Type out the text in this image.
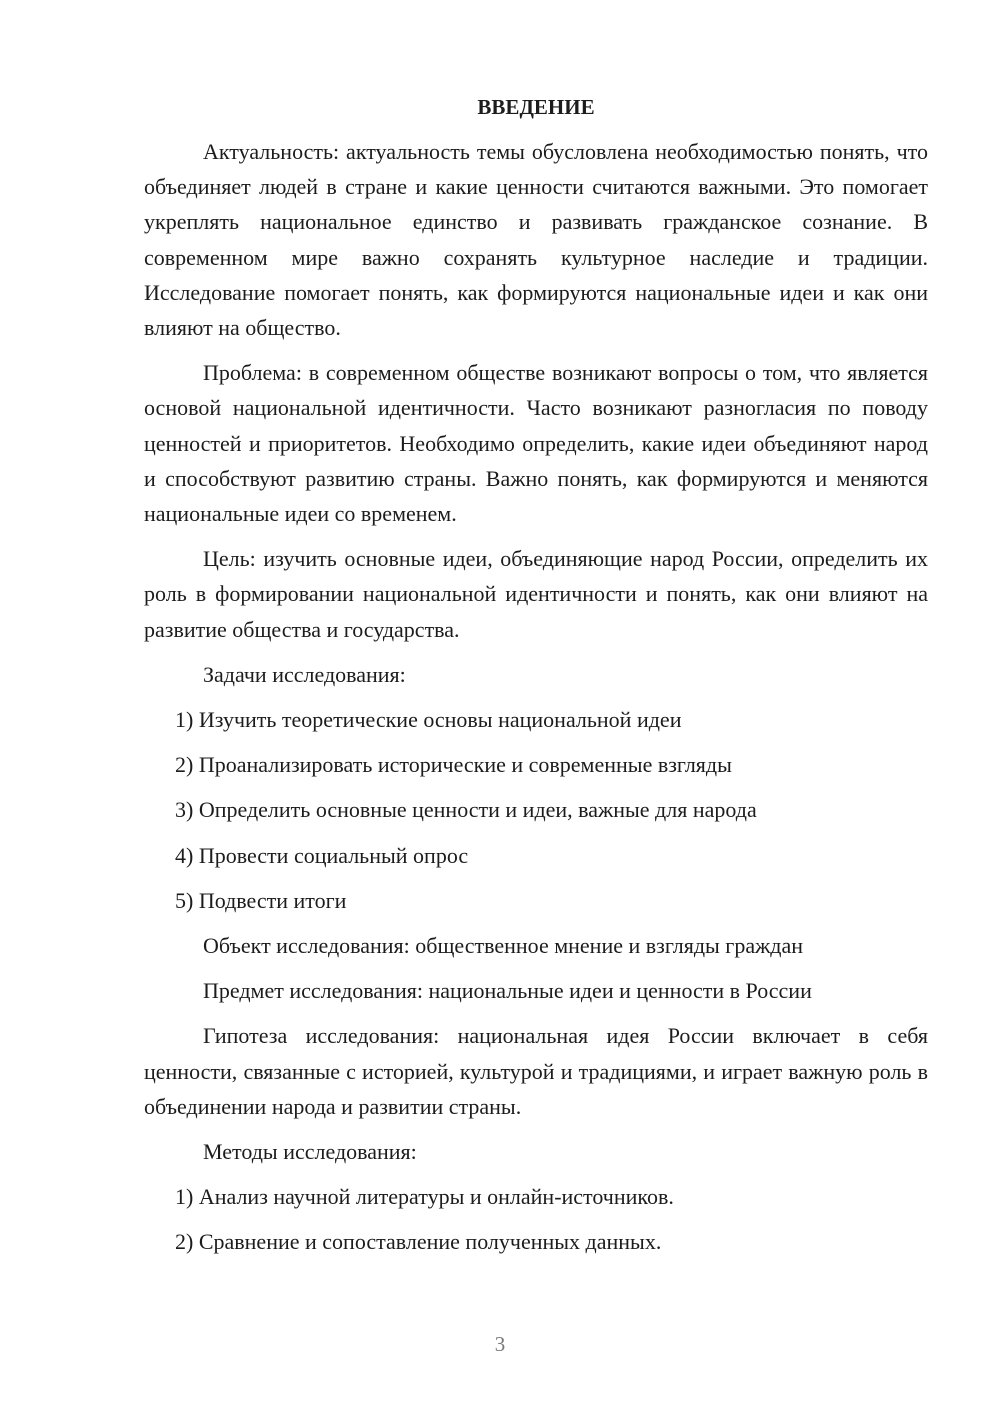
ВВЕДЕНИЕ

Актуальность: актуальность темы обусловлена необходимостью понять, что объединяет людей в стране и какие ценности считаются важными. Это помогает укреплять национальное единство и развивать гражданское сознание. В современном мире важно сохранять культурное наследие и традиции. Исследование помогает понять, как формируются национальные идеи и как они влияют на общество.

Проблема: в современном обществе возникают вопросы о том, что является основой национальной идентичности. Часто возникают разногласия по поводу ценностей и приоритетов. Необходимо определить, какие идеи объединяют народ и способствуют развитию страны. Важно понять, как формируются и меняются национальные идеи со временем.

Цель: изучить основные идеи, объединяющие народ России, определить их роль в формировании национальной идентичности и понять, как они влияют на развитие общества и государства.

Задачи исследования:

1) Изучить теоретические основы национальной идеи
2) Проанализировать исторические и современные взгляды
3) Определить основные ценности и идеи, важные для народа
4) Провести социальный опрос
5) Подвести итоги

Объект исследования: общественное мнение и взгляды граждан

Предмет исследования: национальные идеи и ценности в России

Гипотеза исследования: национальная идея России включает в себя ценности, связанные с историей, культурой и традициями, и играет важную роль в объединении народа и развитии страны.

Методы исследования:

1) Анализ научной литературы и онлайн-источников.
2) Сравнение и сопоставление полученных данных.
3
